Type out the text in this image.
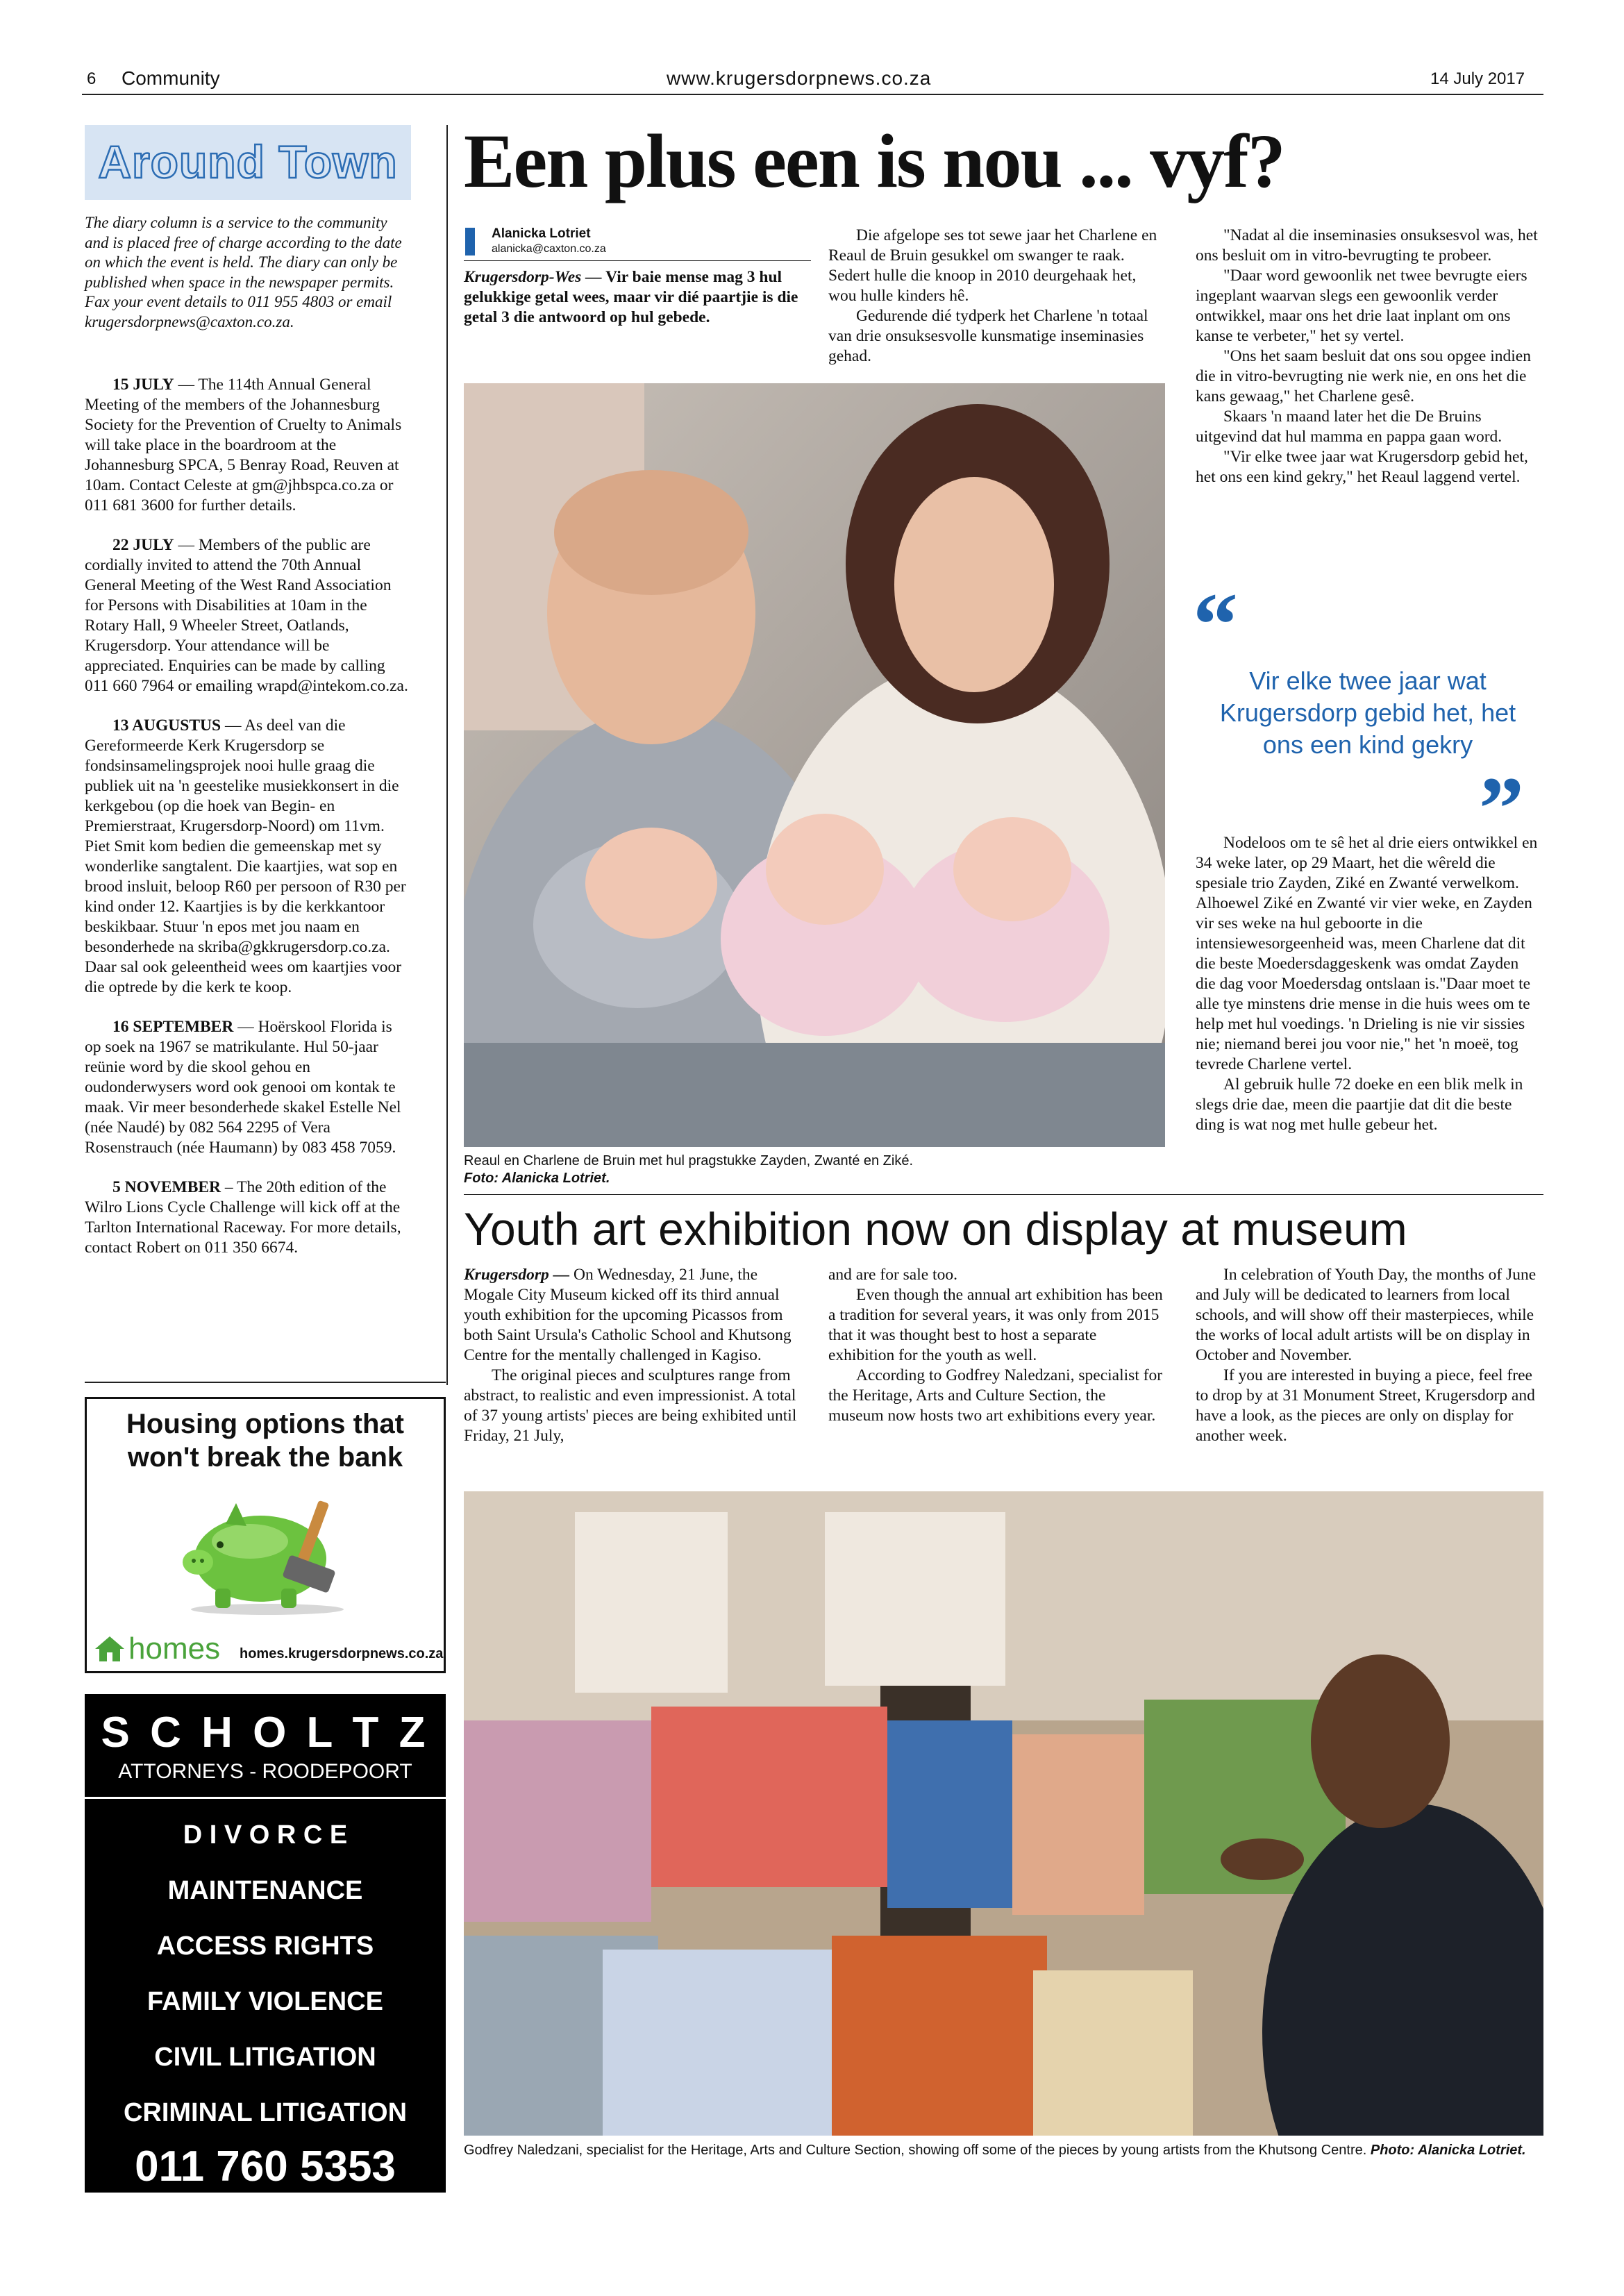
6 Community	www.krugersdorpnews.co.za	14 July 2017
Around Town
The diary column is a service to the community and is placed free of charge according to the date on which the event is held. The diary can only be published when space in the newspaper permits. Fax your event details to 011 955 4803 or email krugersdorpnews@caxton.co.za.

15 JULY — The 114th Annual General Meeting of the members of the Johannesburg Society for the Prevention of Cruelty to Animals will take place in the boardroom at the Johannesburg SPCA, 5 Benray Road, Reuven at 10am. Contact Celeste at gm@jhbspca.co.za or 011 681 3600 for further details.

22 JULY — Members of the public are cordially invited to attend the 70th Annual General Meeting of the West Rand Association for Persons with Disabilities at 10am in the Rotary Hall, 9 Wheeler Street, Oatlands, Krugersdorp. Your attendance will be appreciated. Enquiries can be made by calling 011 660 7964 or emailing wrapd@intekom.co.za.

13 AUGUSTUS — As deel van die Gereformeerde Kerk Krugersdorp se fondsinsamelingsprojek nooi hulle graag die publiek uit na 'n geestelike musiekkonsert in die kerkgebou (op die hoek van Begin- en Premierstraat, Krugersdorp-Noord) om 11vm. Piet Smit kom bedien die gemeenskap met sy wonderlike sangtalent. Die kaartjies, wat sop en brood insluit, beloop R60 per persoon of R30 per kind onder 12. Kaartjies is by die kerkkantoor beskikbaar. Stuur 'n epos met jou naam en besonderhede na skriba@gkkrugersdorp.co.za. Daar sal ook geleentheid wees om kaartjies voor die optrede by die kerk te koop.

16 SEPTEMBER — Hoërskool Florida is op soek na 1967 se matrikulante. Hul 50-jaar reünie word by die skool gehou en oudonderwysers word ook genooi om kontak te maak. Vir meer besonderhede skakel Estelle Nel (née Naudé) by 082 564 2295 of Vera Rosenstrauch (née Haumann) by 083 458 7059.

5 NOVEMBER – The 20th edition of the Wilro Lions Cycle Challenge will kick off at the Tarlton International Raceway. For more details, contact Robert on 011 350 6674.

Housing options that
won't break the bank
homes homes.krugersdorpnews.co.za
S C H O L T Z
ATTORNEYS - ROODEPOORT
D I V O R C E
MAINTENANCE
ACCESS RIGHTS
FAMILY VIOLENCE
CIVIL LITIGATION
CRIMINAL LITIGATION
011 760 5353
Een plus een is nou ... vyf?
Alanicka Lotriet
alanicka@caxton.co.za
Krugersdorp-Wes — Vir baie mense mag 3 hul gelukkige getal wees, maar vir dié paartjie is die getal 3 die antwoord op hul gebede.

Die afgelope ses tot sewe jaar het Charlene en Reaul de Bruin gesukkel om swanger te raak. Sedert hulle die knoop in 2010 deurgehaak het, wou hulle kinders hê.

Gedurende dié tydperk het Charlene 'n totaal van drie onsuksesvolle kunsmatige inseminasies gehad.

Reaul en Charlene de Bruin met hul pragstukke Zayden, Zwanté en Ziké.
Foto: Alanicka Lotriet.

"Nadat al die inseminasies onsuksesvol was, het ons besluit om in vitro-bevrugting te probeer.

"Daar word gewoonlik net twee bevrugte eiers ingeplant waarvan slegs een gewoonlik verder ontwikkel, maar ons het drie laat inplant om ons kanse te verbeter," het sy vertel.

"Ons het saam besluit dat ons sou opgee indien die in vitro-bevrugting nie werk nie, en ons het die kans gewaag," het Charlene gesê.

Skaars 'n maand later het die De Bruins uitgevind dat hul mamma en pappa gaan word.

"Vir elke twee jaar wat Krugersdorp gebid het, het ons een kind gekry," het Reaul laggend vertel.

“
Vir elke twee jaar wat Krugersdorp gebid het, het ons een kind gekry
”

Nodeloos om te sê het al drie eiers ontwikkel en 34 weke later, op 29 Maart, het die wêreld die spesiale trio Zayden, Ziké en Zwanté verwelkom. Alhoewel Ziké en Zwanté vir vier weke, en Zayden vir ses weke na hul geboorte in die intensiewesorgeenheid was, meen Charlene dat dit die beste Moedersdaggeskenk was omdat Zayden die dag voor Moedersdag ontslaan is."Daar moet te alle tye minstens drie mense in die huis wees om te help met hul voedings. 'n Drieling is nie vir sissies nie; niemand berei jou voor nie," het 'n moeë, tog tevrede Charlene vertel.

Al gebruik hulle 72 doeke en een blik melk in slegs drie dae, meen die paartjie dat dit die beste ding is wat nog met hulle gebeur het.

Youth art exhibition now on display at museum

Krugersdorp — On Wednesday, 21 June, the Mogale City Museum kicked off its third annual youth exhibition for the upcoming Picassos from both Saint Ursula's Catholic School and Khutsong Centre for the mentally challenged in Kagiso.

The original pieces and sculptures range from abstract, to realistic and even impressionist. A total of 37 young artists' pieces are being exhibited until Friday, 21 July,

and are for sale too.

Even though the annual art exhibition has been a tradition for several years, it was only from 2015 that it was thought best to host a separate exhibition for the youth as well.

According to Godfrey Naledzani, specialist for the Heritage, Arts and Culture Section, the museum now hosts two art exhibitions every year.

In celebration of Youth Day, the months of June and July will be dedicated to learners from local schools, and will show off their masterpieces, while the works of local adult artists will be on display in October and November.

If you are interested in buying a piece, feel free to drop by at 31 Monument Street, Krugersdorp and have a look, as the pieces are only on display for another week.

Godfrey Naledzani, specialist for the Heritage, Arts and Culture Section, showing off some of the pieces by young artists from the Khutsong Centre. Photo: Alanicka Lotriet.
